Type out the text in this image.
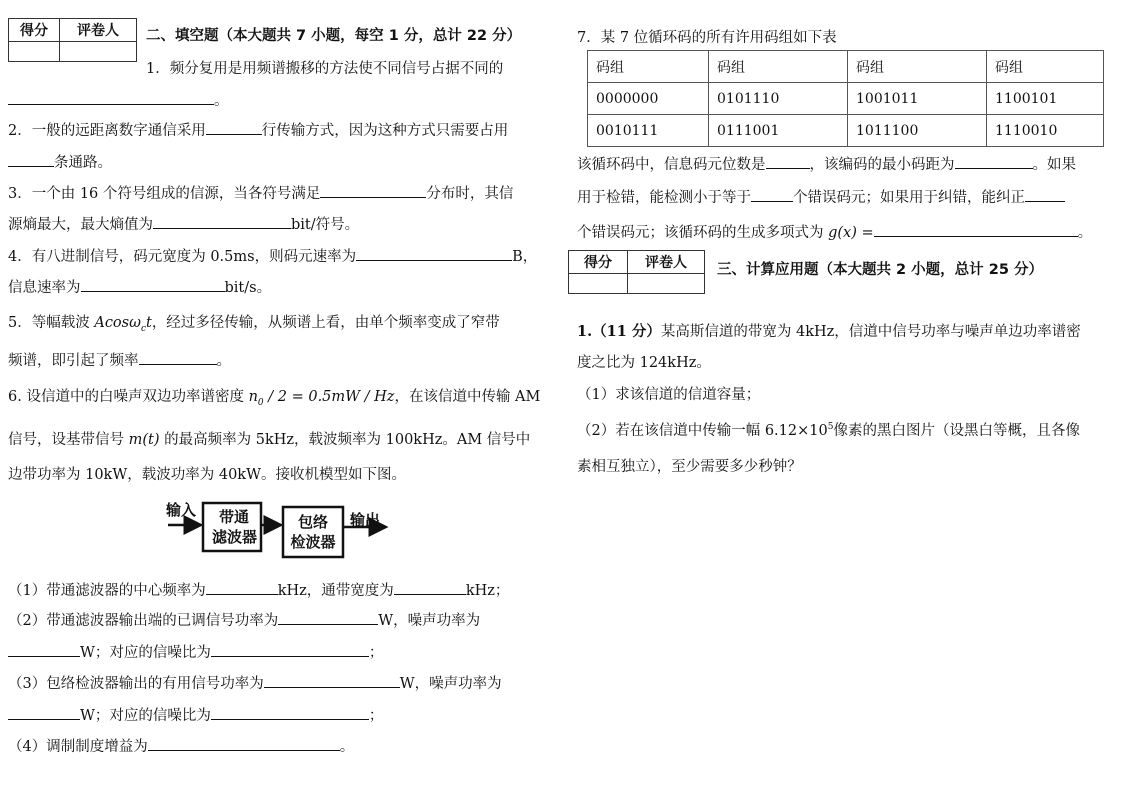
得分	评卷人
	二、填空题（本大题共 7 小题，每空 1 分，总计 22 分）
1．频分复用是用频谱搬移的方法使不同信号占据不同的
。
2．一般的远距离数字通信采用	行传输方式，因为这种方式只需要占用
条通路。
3．一个由 16 个符号组成的信源，当各符号满足	分布时，其信
源熵最大，最大熵值为	bit/符号。
4．有八进制信号，码元宽度为 0.5ms，则码元速率为	B，
信息速率为	bit/s。
5．等幅载波 Acosω$_c$t，经过多径传输，从频谱上看，由单个频率变成了窄带
频谱，即引起了频率	。
6. 设信道中的白噪声双边功率谱密度 $n_0 / 2 = 0.5mW / Hz$，在该信道中传输 AM
信号，设基带信号 m(t) 的最高频率为 5kHz，载波频率为 100kHz。AM 信号中
边带功率为 10kW，载波功率为 40kW。接收机模型如下图。
输入	带通
滤波器
包络
检波器
输出
（1）带通滤波器的中心频率为	kHz，通带宽度为	kHz；
（2）带通滤波器输出端的已调信号功率为	W，噪声功率为
W；对应的信噪比为	；
（3）包络检波器输出的有用信号功率为	W，噪声功率为
W；对应的信噪比为	；
（4）调制制度增益为	。
7．某 7 位循环码的所有许用码组如下表
码组	码组	码组	码组
0000000	0101110	1001011	1100101
0010111	0111001	1011100	1110010
该循环码中，信息码元位数是	，该编码的最小码距为	。如果
用于检错，能检测小于等于	个错误码元；如果用于纠错，能纠正
个错误码元；该循环码的生成多项式为 g(x) =	。
得分	评卷人
	三、计算应用题（本大题共 2 小题，总计 25 分）
1.（11 分）某高斯信道的带宽为 4kHz，信道中信号功率与噪声单边功率谱密
度之比为 124kHz。
（1）求该信道的信道容量；
（2）若在该信道中传输一幅 $6.12\times 10^5$像素的黑白图片（设黑白等概，且各像
素相互独立），至少需要多少秒钟？
